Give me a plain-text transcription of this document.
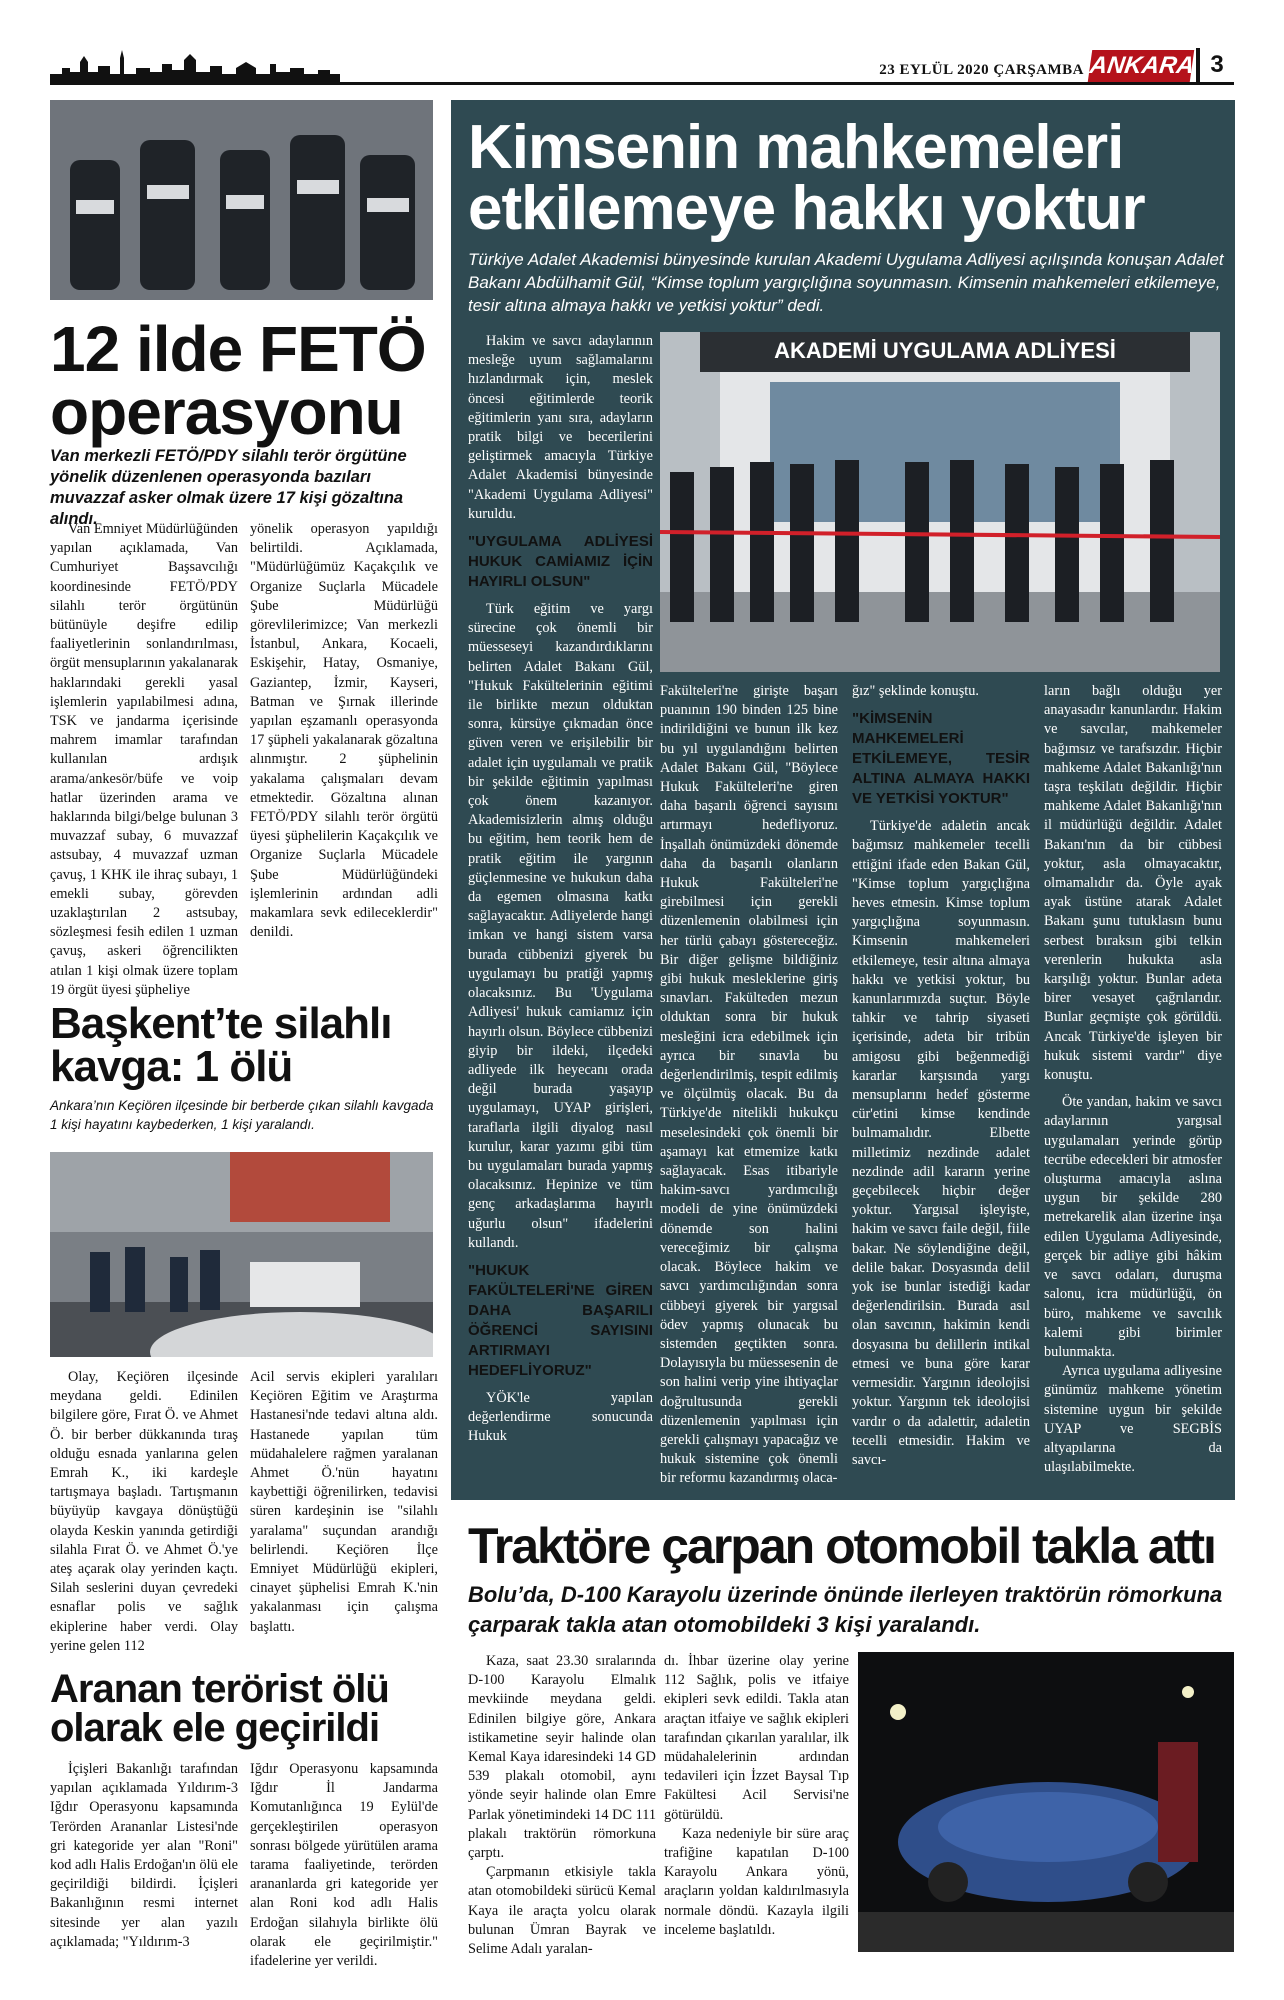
23 EYLÜL 2020 ÇARŞAMBA ANKARA 3
12 ilde FETÖ operasyonu

Van merkezli FETÖ/PDY silahlı terör örgütüne yönelik düzenlenen operasyonda bazıları muvazzaf asker olmak üzere 17 kişi gözaltına alındı.

Van Emniyet Müdürlüğünden yapılan açıklamada, Van Cumhuriyet Başsavcılığı koordinesinde FETÖ/PDY silahlı terör örgütünün bütünüyle deşifre edilip faaliyetlerinin sonlandırılması, örgüt mensuplarının yakalanarak haklarındaki gerekli yasal işlemlerin yapılabilmesi adına, TSK ve jandarma içerisinde mahrem imamlar tarafından kullanılan ardışık arama/ankesör/büfe ve voip hatlar üzerinden arama ve haklarında bilgi/belge bulunan 3 muvazzaf subay, 6 muvazzaf astsubay, 4 muvazzaf uzman çavuş, 1 KHK ile ihraç subayı, 1 emekli subay, görevden uzaklaştırılan 2 astsubay, sözleşmesi fesih edilen 1 uzman çavuş, askeri öğrencilikten atılan 1 kişi olmak üzere toplam 19 örgüt üyesi şüpheliye

yönelik operasyon yapıldığı belirtildi. Açıklamada, "Müdürlüğümüz Kaçakçılık ve Organize Suçlarla Mücadele Şube Müdürlüğü görevlilerimizce; Van merkezli İstanbul, Ankara, Kocaeli, Eskişehir, Hatay, Osmaniye, Gaziantep, İzmir, Kayseri, Batman ve Şırnak illerinde yapılan eşzamanlı operasyonda 17 şüpheli yakalanarak gözaltına alınmıştır. 2 şüphelinin yakalama çalışmaları devam etmektedir. Gözaltına alınan FETÖ/PDY silahlı terör örgütü üyesi şüphelilerin Kaçakçılık ve Organize Suçlarla Mücadele Şube Müdürlüğündeki işlemlerinin ardından adli makamlara sevk edileceklerdir" denildi.

Başkent’te silahlı kavga: 1 ölü

Ankara’nın Keçiören ilçesinde bir berberde çıkan silahlı kavgada 1 kişi hayatını kaybederken, 1 kişi yaralandı.

Olay, Keçiören ilçesinde meydana geldi. Edinilen bilgilere göre, Fırat Ö. ve Ahmet Ö. bir berber dükkanında tıraş olduğu esnada yanlarına gelen Emrah K., iki kardeşle tartışmaya başladı. Tartışmanın büyüyüp kavgaya dönüştüğü olayda Keskin yanında getirdiği silahla Fırat Ö. ve Ahmet Ö.'ye ateş açarak olay yerinden kaçtı. Silah seslerini duyan çevredeki esnaflar polis ve sağlık ekiplerine haber verdi. Olay yerine gelen 112

Acil servis ekipleri yaralıları Keçiören Eğitim ve Araştırma Hastanesi'nde tedavi altına aldı. Hastanede yapılan tüm müdahalelere rağmen yaralanan Ahmet Ö.'nün hayatını kaybettiği öğrenilirken, tedavisi süren kardeşinin ise "silahlı yaralama" suçundan arandığı belirlendi. Keçiören İlçe Emniyet Müdürlüğü ekipleri, cinayet şüphelisi Emrah K.'nin yakalanması için çalışma başlattı.

Aranan terörist ölü olarak ele geçirildi

İçişleri Bakanlığı tarafından yapılan açıklamada Yıldırım-3 Iğdır Operasyonu kapsamında Terörden Arananlar Listesi'nde gri kategoride yer alan "Roni" kod adlı Halis Erdoğan'ın ölü ele geçirildiği bildirdi. İçişleri Bakanlığının resmi internet sitesinde yer alan yazılı açıklamada; "Yıldırım-3

Iğdır Operasyonu kapsamında Iğdır İl Jandarma Komutanlığınca 19 Eylül'de gerçekleştirilen operasyon sonrası bölgede yürütülen arama tarama faaliyetinde, terörden arananlarda gri kategoride yer alan Roni kod adlı Halis Erdoğan silahıyla birlikte ölü olarak ele geçirilmiştir." ifadelerine yer verildi.

Kimsenin mahkemeleri etkilemeye hakkı yoktur

Türkiye Adalet Akademisi bünyesinde kurulan Akademi Uygulama Adliyesi açılışında konuşan Adalet Bakanı Abdülhamit Gül, “Kimse toplum yargıçlığına soyunmasın. Kimsenin mahkemeleri etkilemeye, tesir altına almaya hakkı ve yetkisi yoktur” dedi.

Hakim ve savcı adaylarının mesleğe uyum sağlamalarını hızlandırmak için, meslek öncesi eğitimlerde teorik eğitimlerin yanı sıra, adayların pratik bilgi ve becerilerini geliştirmek amacıyla Türkiye Adalet Akademisi bünyesinde "Akademi Uygulama Adliyesi" kuruldu.

"UYGULAMA ADLİYESİ HUKUK CAMİAMIZ İÇİN HAYIRLI OLSUN"

Türk eğitim ve yargı sürecine çok önemli bir müesseseyi kazandırdıklarını belirten Adalet Bakanı Gül, "Hukuk Fakültelerinin eğitimi ile birlikte mezun olduktan sonra, kürsüye çıkmadan önce güven veren ve erişilebilir bir adalet için uygulamalı ve pratik bir şekilde eğitimin yapılması çok önem kazanıyor. Akademisizlerin almış olduğu bu eğitim, hem teorik hem de pratik eğitim ile yargının güçlenmesine ve hukukun daha da egemen olmasına katkı sağlayacaktır. Adliyelerde hangi imkan ve hangi sistem varsa burada cübbenizi giyerek bu uygulamayı bu pratiği yapmış olacaksınız. Bu 'Uygulama Adliyesi' hukuk camiamız için hayırlı olsun. Böylece cübbenizi giyip bir ildeki, ilçedeki adliyede ilk heyecanı orada değil burada yaşayıp uygulamayı, UYAP girişleri, taraflarla ilgili diyalog nasıl kurulur, karar yazımı gibi tüm bu uygulamaları burada yapmış olacaksınız. Hepinize ve tüm genç arkadaşlarıma hayırlı uğurlu olsun" ifadelerini kullandı.

"HUKUK FAKÜLTELERİ'NE GİREN DAHA BAŞARILI ÖĞRENCİ SAYISINI ARTIRMAYI HEDEFLİYORUZ"

YÖK'le yapılan değerlendirme sonucunda Hukuk

AKADEMİ UYGULAMA ADLİYESİ

Fakülteleri'ne girişte başarı puanının 190 binden 125 bine indirildiğini ve bunun ilk kez bu yıl uygulandığını belirten Adalet Bakanı Gül, "Böylece Hukuk Fakülteleri'ne giren daha başarılı öğrenci sayısını artırmayı hedefliyoruz. İnşallah önümüzdeki dönemde daha da başarılı olanların Hukuk Fakülteleri'ne girebilmesi için gerekli düzenlemenin olabilmesi için her türlü çabayı göstereceğiz. Bir diğer gelişme bildiğiniz gibi hukuk mesleklerine giriş sınavları. Fakülteden mezun olduktan sonra bir hukuk mesleğini icra edebilmek için ayrıca bir sınavla bu değerlendirilmiş, tespit edilmiş ve ölçülmüş olacak. Bu da Türkiye'de nitelikli hukukçu meselesindeki çok önemli bir aşamayı kat etmemize katkı sağlayacak. Esas itibariyle hakim-savcı yardımcılığı modeli de yine önümüzdeki dönemde son halini vereceğimiz bir çalışma olacak. Böylece hakim ve savcı yardımcılığından sonra cübbeyi giyerek bir yargısal ödev yapmış olunacak bu sistemden geçtikten sonra. Dolayısıyla bu müessesenin de son halini verip yine ihtiyaçlar doğrultusunda gerekli düzenlemenin yapılması için gerekli çalışmayı yapacağız ve hukuk sistemine çok önemli bir reformu kazandırmış olaca-

ğız" şeklinde konuştu.

"KİMSENİN MAHKEMELERİ ETKİLEMEYE, TESİR ALTINA ALMAYA HAKKI VE YETKİSİ YOKTUR"

Türkiye'de adaletin ancak bağımsız mahkemeler tecelli ettiğini ifade eden Bakan Gül, "Kimse toplum yargıçlığına heves etmesin. Kimse toplum yargıçlığına soyunmasın. Kimsenin mahkemeleri etkilemeye, tesir altına almaya hakkı ve yetkisi yoktur, bu kanunlarımızda suçtur. Böyle tahkir ve tahrip siyaseti içerisinde, adeta bir tribün amigosu gibi beğenmediği kararlar karşısında yargı mensuplarını hedef gösterme cür'etini kimse kendinde bulmamalıdır. Elbette milletimiz nezdinde adalet nezdinde adil kararın yerine geçebilecek hiçbir değer yoktur. Yargısal işleyişte, hakim ve savcı faile değil, fiile bakar. Ne söylendiğine değil, delile bakar. Dosyasında delil yok ise bunlar istediği kadar değerlendirilsin. Burada asıl olan savcının, hakimin kendi dosyasına bu delillerin intikal etmesi ve buna göre karar vermesidir. Yargının ideolojisi yoktur. Yargının tek ideolojisi vardır o da adalettir, adaletin tecelli etmesidir. Hakim ve savcı-

ların bağlı olduğu yer anayasadır kanunlardır. Hakim ve savcılar, mahkemeler bağımsız ve tarafsızdır. Hiçbir mahkeme Adalet Bakanlığı'nın taşra teşkilatı değildir. Hiçbir mahkeme Adalet Bakanlığı'nın il müdürlüğü değildir. Adalet Bakanı'nın da bir cübbesi yoktur, asla olmayacaktır, olmamalıdır da. Öyle ayak ayak üstüne atarak Adalet Bakanı şunu tutuklasın bunu serbest bıraksın gibi telkin verenlerin hukukta asla karşılığı yoktur. Bunlar adeta birer vesayet çağrılarıdır. Bunlar geçmişte çok görüldü. Ancak Türkiye'de işleyen bir hukuk sistemi vardır" diye konuştu.

Öte yandan, hakim ve savcı adaylarının yargısal uygulamaları yerinde görüp tecrübe edecekleri bir atmosfer oluşturma amacıyla aslına uygun bir şekilde 280 metrekarelik alan üzerine inşa edilen Uygulama Adliyesinde, gerçek bir adliye gibi hâkim ve savcı odaları, duruşma salonu, icra müdürlüğü, ön büro, mahkeme ve savcılık kalemi gibi birimler bulunmakta.

Ayrıca uygulama adliyesine günümüz mahkeme yönetim sistemine uygun bir şekilde UYAP ve SEGBİS altyapılarına da ulaşılabilmekte.

Traktöre çarpan otomobil takla attı

Bolu’da, D-100 Karayolu üzerinde önünde ilerleyen traktörün römorkuna çarparak takla atan otomobildeki 3 kişi yaralandı.

Kaza, saat 23.30 sıralarında D-100 Karayolu Elmalık mevkiinde meydana geldi. Edinilen bilgiye göre, Ankara istikametine seyir halinde olan Kemal Kaya idaresindeki 14 GD 539 plakalı otomobil, aynı yönde seyir halinde olan Emre Parlak yönetimindeki 14 DC 111 plakalı traktörün römorkuna çarptı.

Çarpmanın etkisiyle takla atan otomobildeki sürücü Kemal Kaya ile araçta yolcu olarak bulunan Ümran Bayrak ve Selime Adalı yaralan-

dı. İhbar üzerine olay yerine 112 Sağlık, polis ve itfaiye ekipleri sevk edildi. Takla atan araçtan itfaiye ve sağlık ekipleri tarafından çıkarılan yaralılar, ilk müdahalelerinin ardından tedavileri için İzzet Baysal Tıp Fakültesi Acil Servisi'ne götürüldü.

Kaza nedeniyle bir süre araç trafiğine kapatılan D-100 Karayolu Ankara yönü, araçların yoldan kaldırılmasıyla normale döndü. Kazayla ilgili inceleme başlatıldı.
